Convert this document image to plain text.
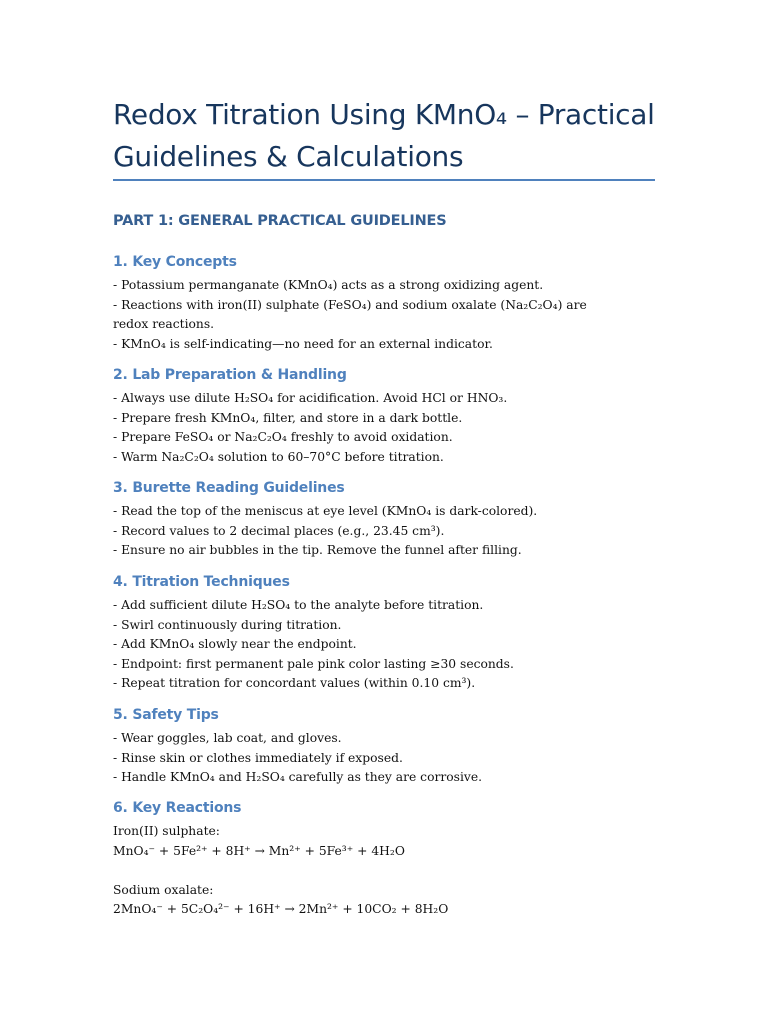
Redox Titration Using KMnO₄ – Practical Guidelines & Calculations
PART 1: GENERAL PRACTICAL GUIDELINES
1. Key Concepts
- Potassium permanganate (KMnO₄) acts as a strong oxidizing agent.
- Reactions with iron(II) sulphate (FeSO₄) and sodium oxalate (Na₂C₂O₄) are redox reactions.
- KMnO₄ is self-indicating—no need for an external indicator.
2. Lab Preparation & Handling
- Always use dilute H₂SO₄ for acidification. Avoid HCl or HNO₃.
- Prepare fresh KMnO₄, filter, and store in a dark bottle.
- Prepare FeSO₄ or Na₂C₂O₄ freshly to avoid oxidation.
- Warm Na₂C₂O₄ solution to 60–70°C before titration.
3. Burette Reading Guidelines
- Read the top of the meniscus at eye level (KMnO₄ is dark-colored).
- Record values to 2 decimal places (e.g., 23.45 cm³).
- Ensure no air bubbles in the tip. Remove the funnel after filling.
4. Titration Techniques
- Add sufficient dilute H₂SO₄ to the analyte before titration.
- Swirl continuously during titration.
- Add KMnO₄ slowly near the endpoint.
- Endpoint: first permanent pale pink color lasting ≥30 seconds.
- Repeat titration for concordant values (within 0.10 cm³).
5. Safety Tips
- Wear goggles, lab coat, and gloves.
- Rinse skin or clothes immediately if exposed.
- Handle KMnO₄ and H₂SO₄ carefully as they are corrosive.
6. Key Reactions
Iron(II) sulphate:
MnO₄⁻ + 5Fe²⁺ + 8H⁺ → Mn²⁺ + 5Fe³⁺ + 4H₂O
Sodium oxalate:
2MnO₄⁻ + 5C₂O₄²⁻ + 16H⁺ → 2Mn²⁺ + 10CO₂ + 8H₂O
